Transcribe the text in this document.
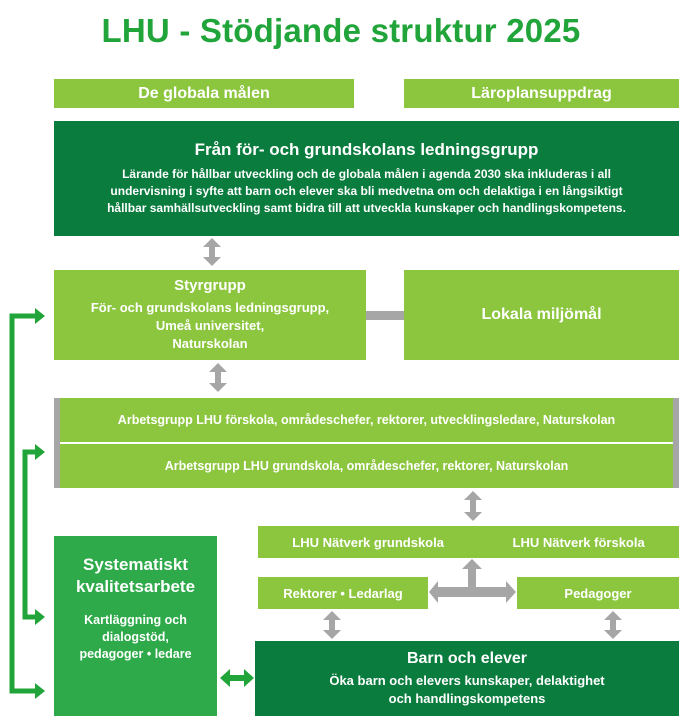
LHU - Stödjande struktur 2025
De globala målen	Läroplansuppdrag
Från för- och grundskolans ledningsgrupp

Lärande för hållbar utveckling och de globala målen i agenda 2030 ska inkluderas i all

undervisning i syfte att barn och elever ska bli medvetna om och delaktiga i en långsiktigt

hållbar samhällsutveckling samt bidra till att utveckla kunskaper och handlingskompetens.

Styrgrupp

För- och grundskolans ledningsgrupp,

Umeå universitet,

Naturskolan

Lokala miljömål
Arbetsgrupp LHU förskola, områdeschefer, rektorer, utvecklingsledare, Naturskolan
Arbetsgrupp LHU grundskola, områdeschefer, rektorer, Naturskolan
LHU Nätverk grundskola	LHU Nätverk förskola
Rektorer • Ledarlag	Pedagoger

Systematiskt

kvalitetsarbete

Kartläggning och

dialogstöd,

pedagoger • ledare	Barn och elever

Öka barn och elevers kunskaper, delaktighet

och handlingskompetens
